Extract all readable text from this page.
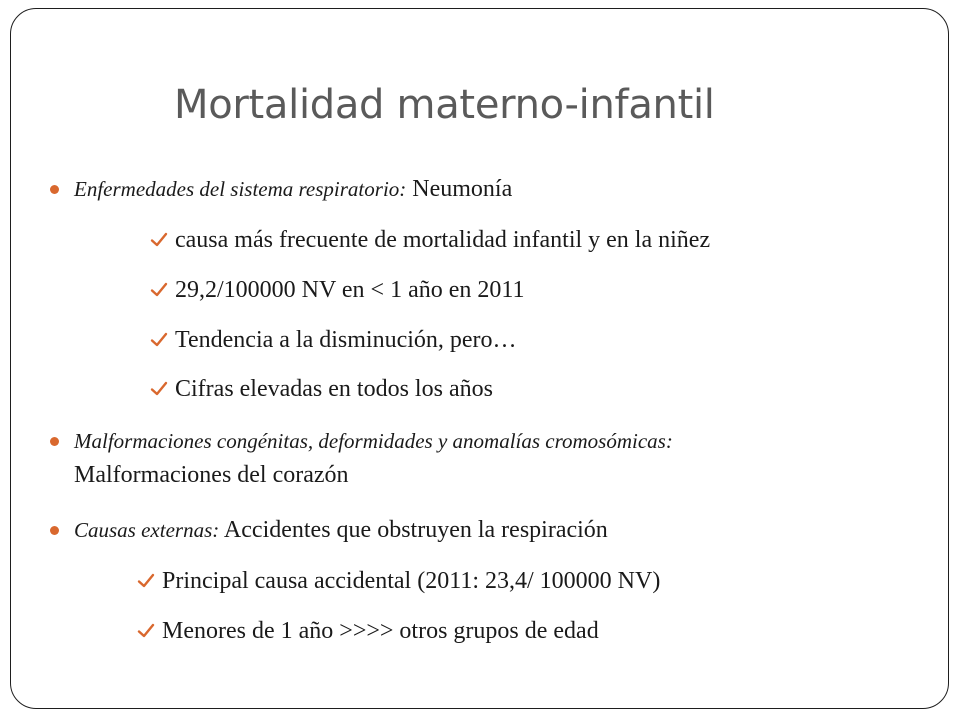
Mortalidad materno-infantil
Enfermedades del sistema respiratorio: Neumonía
causa más frecuente de mortalidad infantil y en la niñez
29,2/100000 NV en < 1 año en 2011
Tendencia a la disminución, pero…
Cifras elevadas en todos los años
Malformaciones congénitas, deformidades y anomalías cromosómicas:
Malformaciones del corazón
Causas externas: Accidentes que obstruyen la respiración
Principal causa accidental (2011: 23,4/ 100000 NV)
Menores de 1 año >>>> otros grupos de edad
